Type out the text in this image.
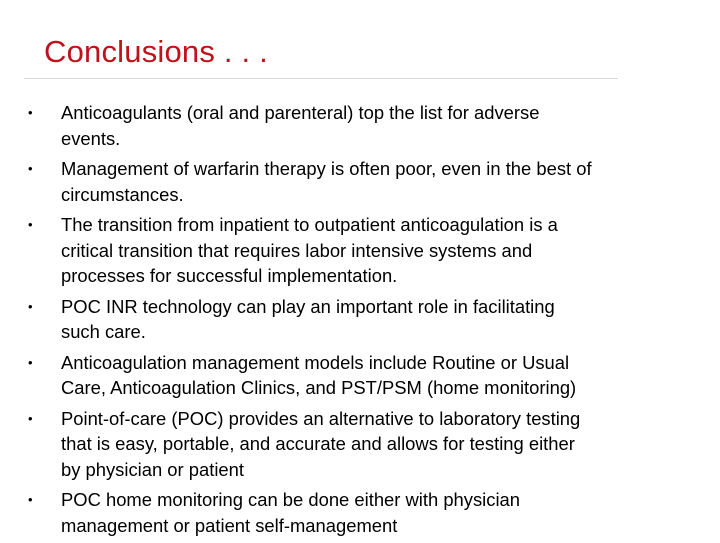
Conclusions . . .
• Anticoagulants (oral and parenteral) top the list for adverse
events.
• Management of warfarin therapy is often poor, even in the best of
circumstances.
• The transition from inpatient to outpatient anticoagulation is a
critical transition that requires labor intensive systems and
processes for successful implementation.
• POC INR technology can play an important role in facilitating
such care.
• Anticoagulation management models include Routine or Usual
Care, Anticoagulation Clinics, and PST/PSM (home monitoring)
• Point-of-care (POC) provides an alternative to laboratory testing
that is easy, portable, and accurate and allows for testing either
by physician or patient
• POC home monitoring can be done either with physician
management or patient self-management
